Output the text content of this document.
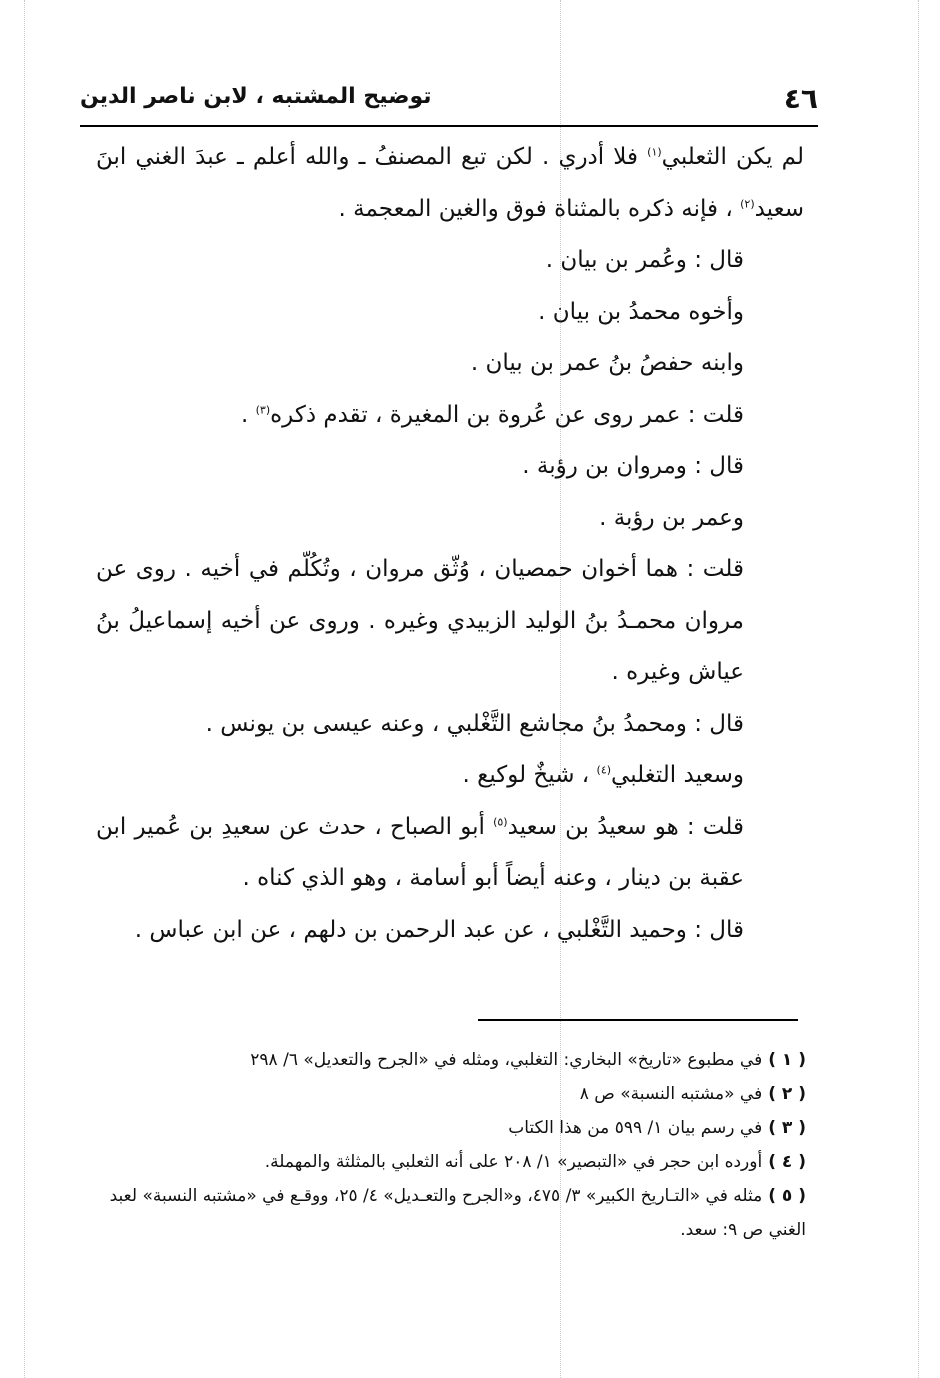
٤٦
توضيح المشتبه ، لابن ناصر الدين

لم يكن الثعلبي$^{(١)}$ فلا أدري . لكن تبع المصنفُ ـ والله أعلم ـ عبدَ الغني ابنَ سعيد$^{(٢)}$ ، فإنه ذكره بالمثناة فوق والغين المعجمة .

قال : وعُمر بن بيان .

وأخوه محمدُ بن بيان .

وابنه حفصُ بنُ عمر بن بيان .

قلت : عمر روى عن عُروة بن المغيرة ، تقدم ذكره$^{(٣)}$ .

قال : ومروان بن رؤبة .

وعمر بن رؤبة .

قلت : هما أخوان حمصيان ، وُثّق مروان ، وتُكُلّم في أخيه . روى عن مروان محمـدُ بنُ الوليد الزبيدي وغيره . وروى عن أخيه إسماعيلُ بنُ عياش وغيره .

قال : ومحمدُ بنُ مجاشع التَّغْلبي ، وعنه عيسى بن يونس .

وسعيد التغلبي$^{(٤)}$ ، شيخٌ لوكيع .

قلت : هو سعيدُ بن سعيد$^{(٥)}$ أبو الصباح ، حدث عن سعيدِ بن عُمير ابن عقبة بن دينار ، وعنه أيضاً أبو أسامة ، وهو الذي كناه .

قال : وحميد التَّغْلبي ، عن عبد الرحمن بن دلهم ، عن ابن عباس .

( ١ )في مطبوع «تاريخ» البخاري: التغلبي، ومثله في «الجرح والتعديل» ٦/ ٢٩٨

( ٢ )في «مشتبه النسبة» ص ٨

( ٣ )في رسم بيان ١/ ٥٩٩ من هذا الكتاب

( ٤ )أورده ابن حجر في «التبصير» ١/ ٢٠٨ على أنه الثعلبي بالمثلثة والمهملة.

( ٥ )مثله في «التـاريخ الكبير» ٣/ ٤٧٥، و«الجرح والتعـديل» ٤/ ٢٥، ووقـع في «مشتبه النسبة» لعبد الغني ص ٩: سعد.
